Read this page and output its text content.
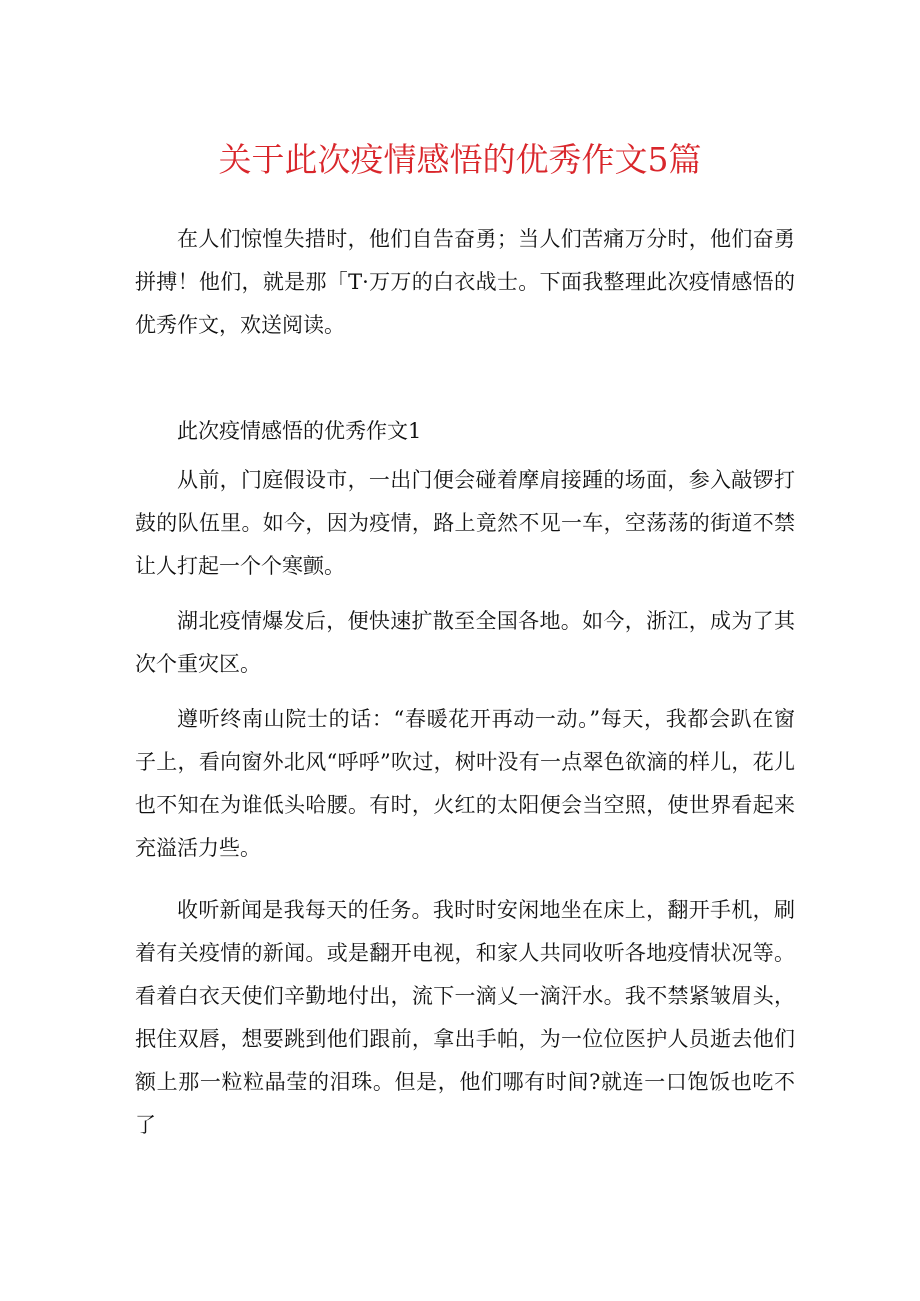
关于此次疫情感悟的优秀作文5篇

在人们惊惶失措时，他们自告奋勇；当人们苦痛万分时，他们奋勇拼搏！他们，就是那「T·万万的白衣战士。下面我整理此次疫情感悟的优秀作文，欢送阅读。

此次疫情感悟的优秀作文1

从前，门庭假设市，一出门便会碰着摩肩接踵的场面，参入敲锣打鼓的队伍里。如今，因为疫情，路上竟然不见一车，空荡荡的街道不禁让人打起一个个寒颤。

湖北疫情爆发后，便快速扩散至全国各地。如今，浙江，成为了其次个重灾区。

遵听终南山院士的话：“春暖花开再动一动。”每天，我都会趴在窗子上，看向窗外北风“呼呼”吹过，树叶没有一点翠色欲滴的样儿，花儿也不知在为谁低头哈腰。有时，火红的太阳便会当空照，使世界看起来充溢活力些。

收听新闻是我每天的任务。我时时安闲地坐在床上，翻开手机，刷着有关疫情的新闻。或是翻开电视，和家人共同收听各地疫情状况等。看着白衣天使们辛勤地付出，流下一滴乂一滴汗水。我不禁紧皱眉头，抿住双唇，想要跳到他们跟前，拿出手帕，为一位位医护人员逝去他们额上那一粒粒晶莹的泪珠。但是，他们哪有时间?就连一口饱饭也吃不了
